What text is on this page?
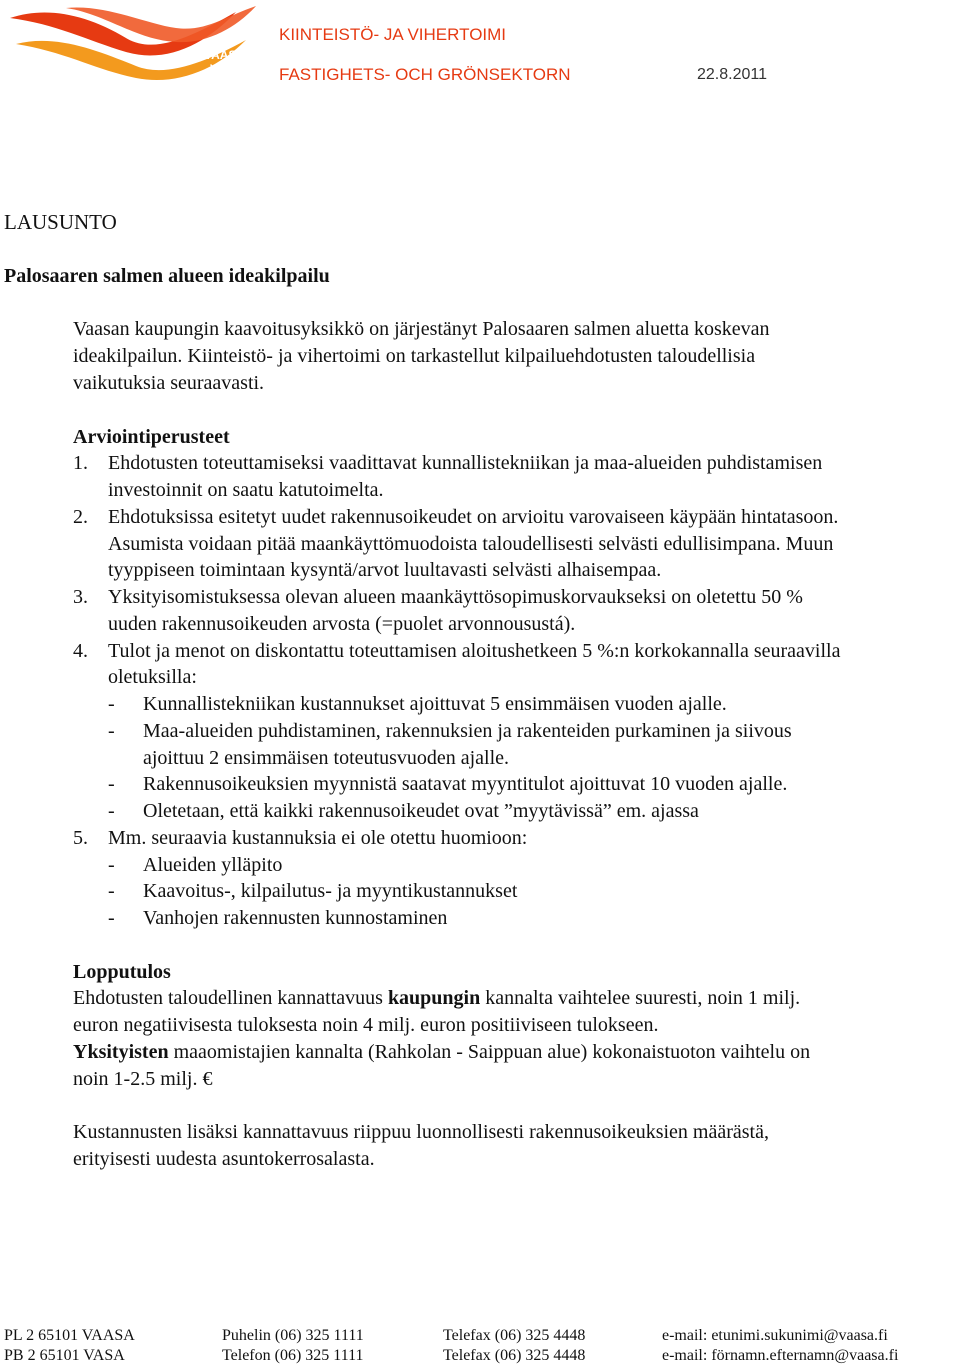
VAASA
VASA
KIINTEISTÖ- JA VIHERTOIMI
FASTIGHETS- OCH GRÖNSEKTORN	22.8.2011
LAUSUNTO
Palosaaren salmen alueen ideakilpailu
Vaasan kaupungin kaavoitusyksikkö on järjestänyt Palosaaren salmen aluetta koskevan
ideakilpailun. Kiinteistö- ja vihertoimi on tarkastellut kilpailuehdotusten taloudellisia
vaikutuksia seuraavasti.
Arviointiperusteet
1. Ehdotusten toteuttamiseksi vaadittavat kunnallistekniikan ja maa-alueiden puhdistamisen
investoinnit on saatu katutoimelta.
2. Ehdotuksissa esitetyt uudet rakennusoikeudet on arvioitu varovaiseen käypään hintatasoon.
Asumista voidaan pitää maankäyttömuodoista taloudellisesti selvästi edullisimpana. Muun
tyyppiseen toimintaan kysyntä/arvot luultavasti selvästi alhaisempaa.
3. Yksityisomistuksessa olevan alueen maankäyttösopimuskorvaukseksi on oletettu 50 %
uuden rakennusoikeuden arvosta (=puolet arvonnousustá).
4. Tulot ja menot on diskontattu toteuttamisen aloitushetkeen 5 %:n korkokannalla seuraavilla
oletuksilla:
- Kunnallistekniikan kustannukset ajoittuvat 5 ensimmäisen vuoden ajalle.
- Maa-alueiden puhdistaminen, rakennuksien ja rakenteiden purkaminen ja siivous
ajoittuu 2 ensimmäisen toteutusvuoden ajalle.
- Rakennusoikeuksien myynnistä saatavat myyntitulot ajoittuvat 10 vuoden ajalle.
- Oletetaan, että kaikki rakennusoikeudet ovat ”myytävissä” em. ajassa
5. Mm. seuraavia kustannuksia ei ole otettu huomioon:
- Alueiden ylläpito
- Kaavoitus-, kilpailutus- ja myyntikustannukset
- Vanhojen rakennusten kunnostaminen
Lopputulos
Ehdotusten taloudellinen kannattavuus kaupungin kannalta vaihtelee suuresti, noin 1 milj.
euron negatiivisesta tuloksesta noin 4 milj. euron positiiviseen tulokseen.
Yksityisten maaomistajien kannalta (Rahkolan - Saippuan alue) kokonaistuoton vaihtelu on
noin 1-2.5 milj. €
Kustannusten lisäksi kannattavuus riippuu luonnollisesti rakennusoikeuksien määrästä,
erityisesti uudesta asuntokerrosalasta.
PL 2 65101 VAASA	Puhelin (06) 325 1111	Telefax (06) 325 4448	e-mail: etunimi.sukunimi@vaasa.fi
PB 2 65101 VASA	Telefon (06) 325 1111	Telefax (06) 325 4448	e-mail: förnamn.efternamn@vaasa.fi
